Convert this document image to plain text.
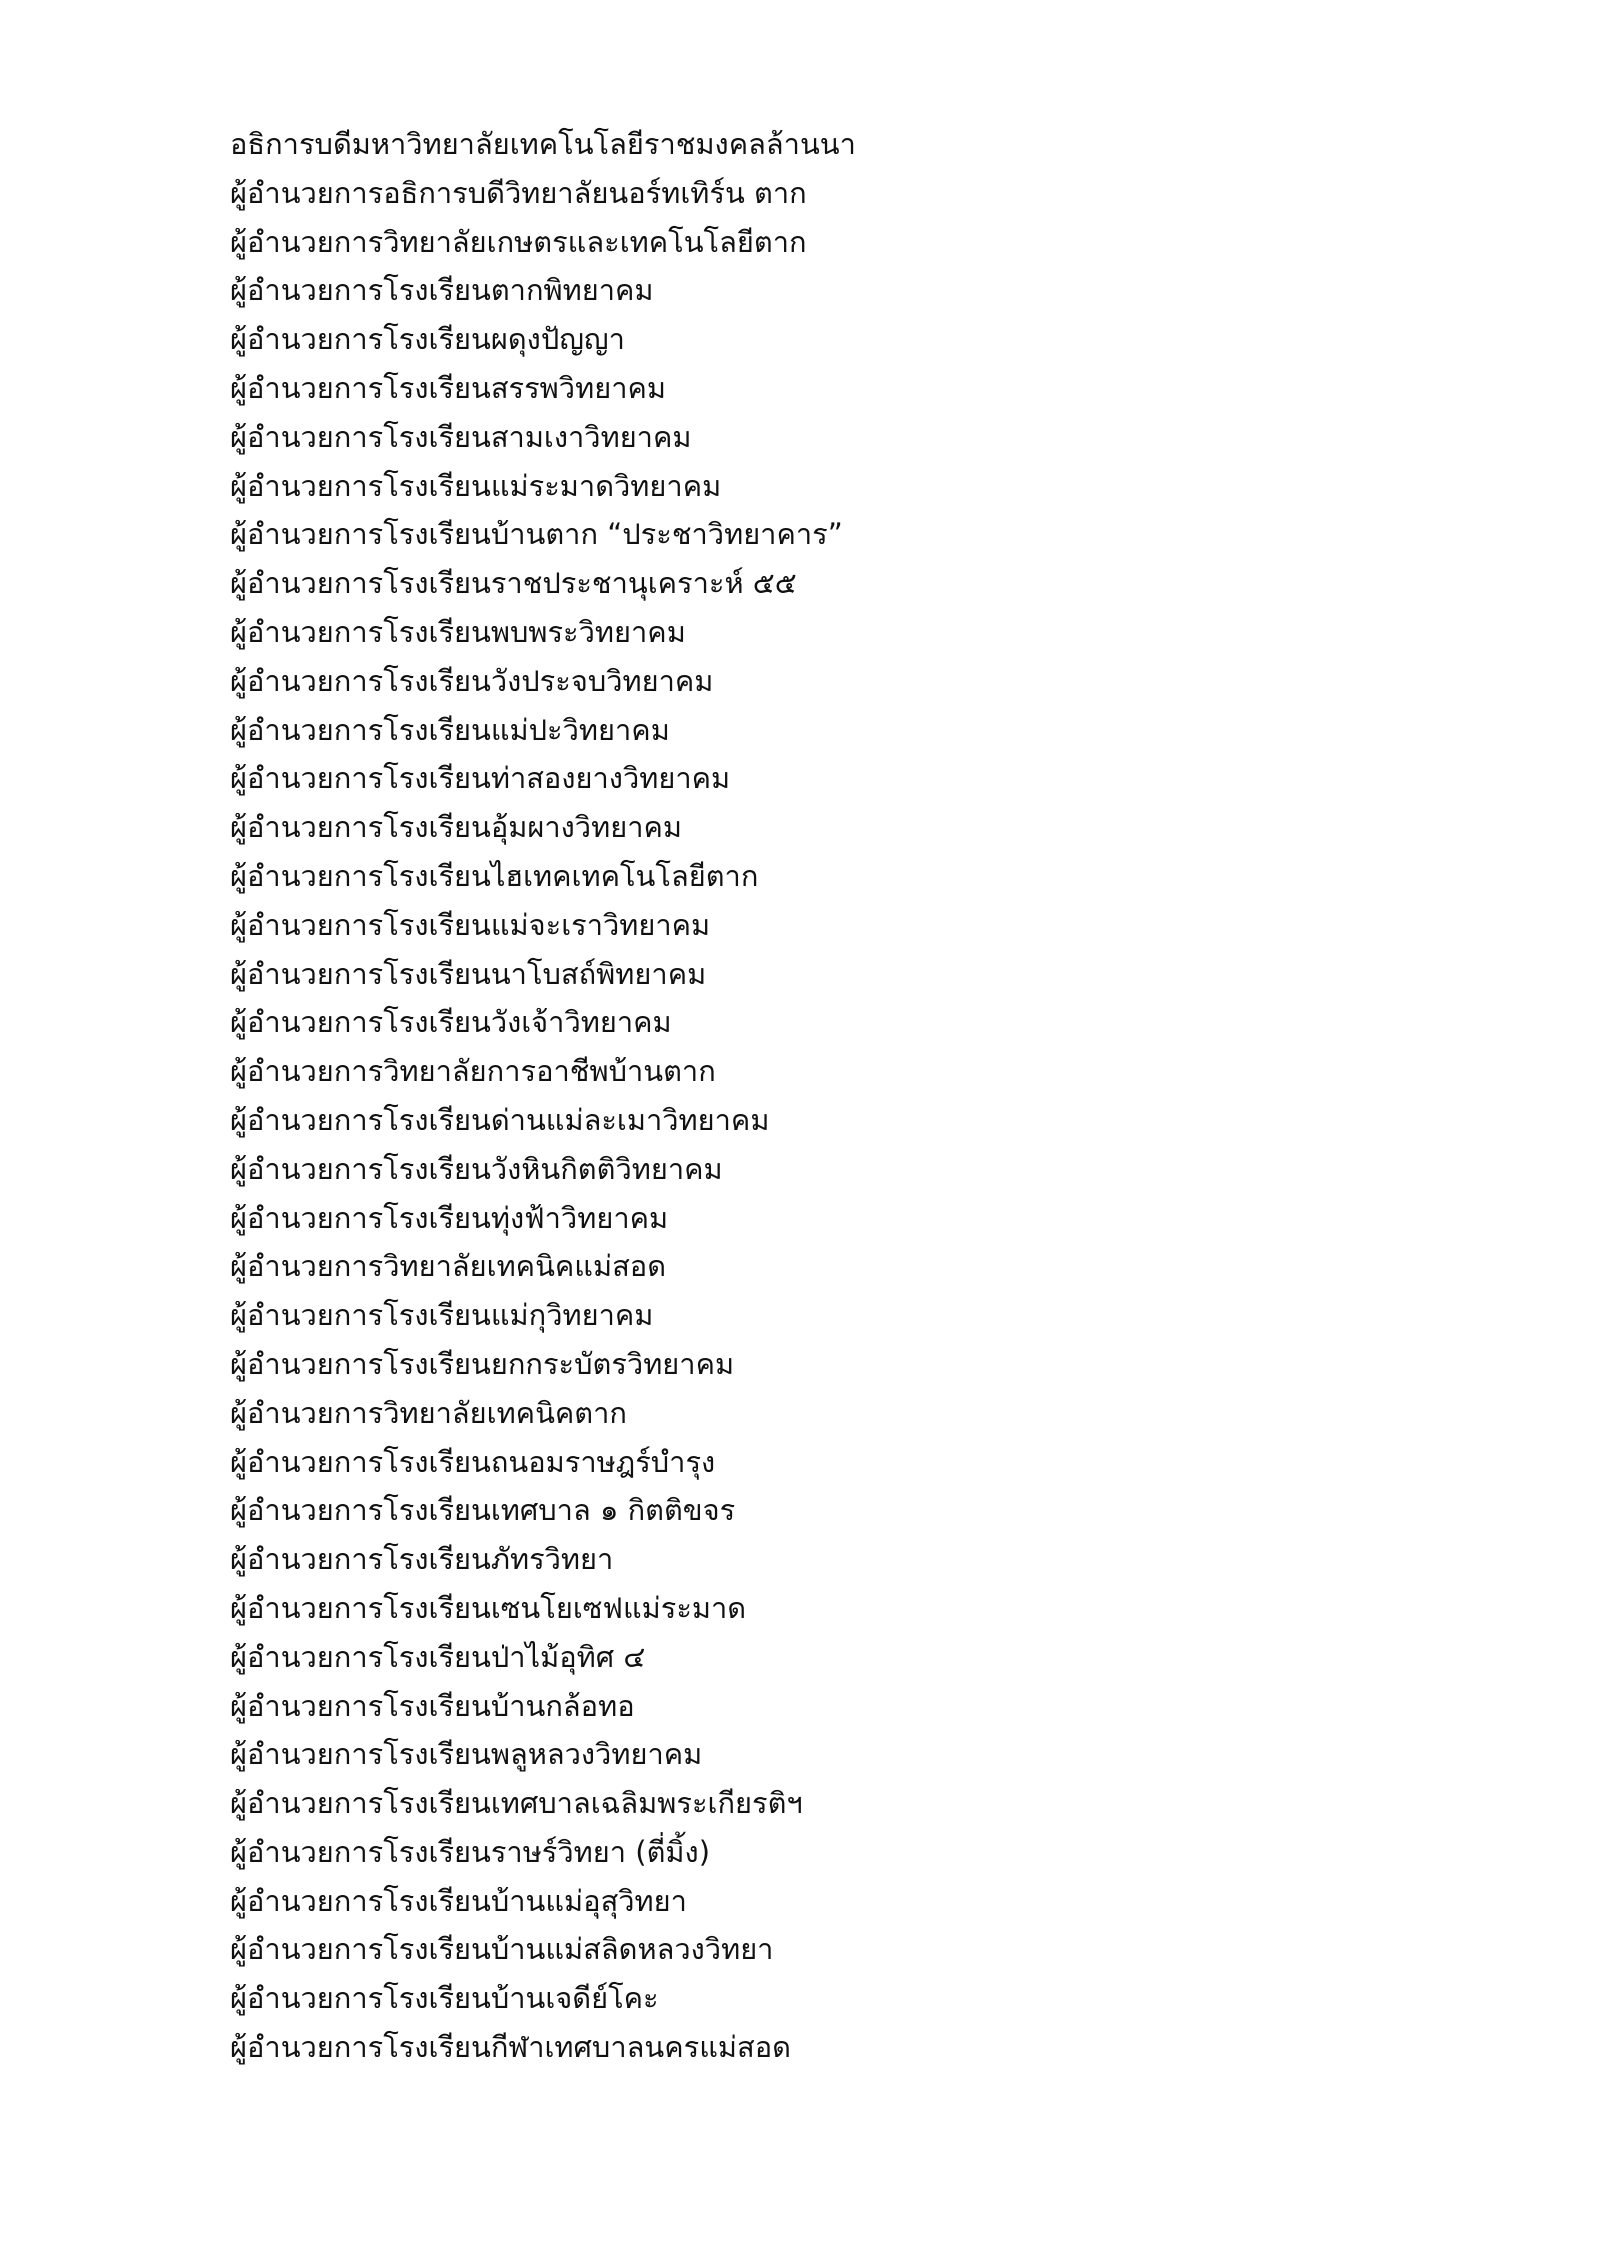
อธิการบดีมหาวิทยาลัยเทคโนโลยีราชมงคลล้านนา
ผู้อำนวยการอธิการบดีวิทยาลัยนอร์ทเทิร์น ตาก
ผู้อำนวยการวิทยาลัยเกษตรและเทคโนโลยีตาก
ผู้อำนวยการโรงเรียนตากพิทยาคม
ผู้อำนวยการโรงเรียนผดุงปัญญา
ผู้อำนวยการโรงเรียนสรรพวิทยาคม
ผู้อำนวยการโรงเรียนสามเงาวิทยาคม
ผู้อำนวยการโรงเรียนแม่ระมาดวิทยาคม
ผู้อำนวยการโรงเรียนบ้านตาก “ประชาวิทยาคาร”
ผู้อำนวยการโรงเรียนราชประชานุเคราะห์ ๕๕
ผู้อำนวยการโรงเรียนพบพระวิทยาคม
ผู้อำนวยการโรงเรียนวังประจบวิทยาคม
ผู้อำนวยการโรงเรียนแม่ปะวิทยาคม
ผู้อำนวยการโรงเรียนท่าสองยางวิทยาคม
ผู้อำนวยการโรงเรียนอุ้มผางวิทยาคม
ผู้อำนวยการโรงเรียนไฮเทคเทคโนโลยีตาก
ผู้อำนวยการโรงเรียนแม่จะเราวิทยาคม
ผู้อำนวยการโรงเรียนนาโบสถ์พิทยาคม
ผู้อำนวยการโรงเรียนวังเจ้าวิทยาคม
ผู้อำนวยการวิทยาลัยการอาชีพบ้านตาก
ผู้อำนวยการโรงเรียนด่านแม่ละเมาวิทยาคม
ผู้อำนวยการโรงเรียนวังหินกิตติวิทยาคม
ผู้อำนวยการโรงเรียนทุ่งฟ้าวิทยาคม
ผู้อำนวยการวิทยาลัยเทคนิคแม่สอด
ผู้อำนวยการโรงเรียนแม่กุวิทยาคม
ผู้อำนวยการโรงเรียนยกกระบัตรวิทยาคม
ผู้อำนวยการวิทยาลัยเทคนิคตาก
ผู้อำนวยการโรงเรียนถนอมราษฎร์บำรุง
ผู้อำนวยการโรงเรียนเทศบาล ๑ กิตติขจร
ผู้อำนวยการโรงเรียนภัทรวิทยา
ผู้อำนวยการโรงเรียนเซนโยเซฟแม่ระมาด
ผู้อำนวยการโรงเรียนป่าไม้อุทิศ ๔
ผู้อำนวยการโรงเรียนบ้านกล้อทอ
ผู้อำนวยการโรงเรียนพลูหลวงวิทยาคม
ผู้อำนวยการโรงเรียนเทศบาลเฉลิมพระเกียรติฯ
ผู้อำนวยการโรงเรียนราษร์วิทยา (ตี่มิ้ง)
ผู้อำนวยการโรงเรียนบ้านแม่อุสุวิทยา
ผู้อำนวยการโรงเรียนบ้านแม่สลิดหลวงวิทยา
ผู้อำนวยการโรงเรียนบ้านเจดีย์โคะ
ผู้อำนวยการโรงเรียนกีฬาเทศบาลนครแม่สอด
